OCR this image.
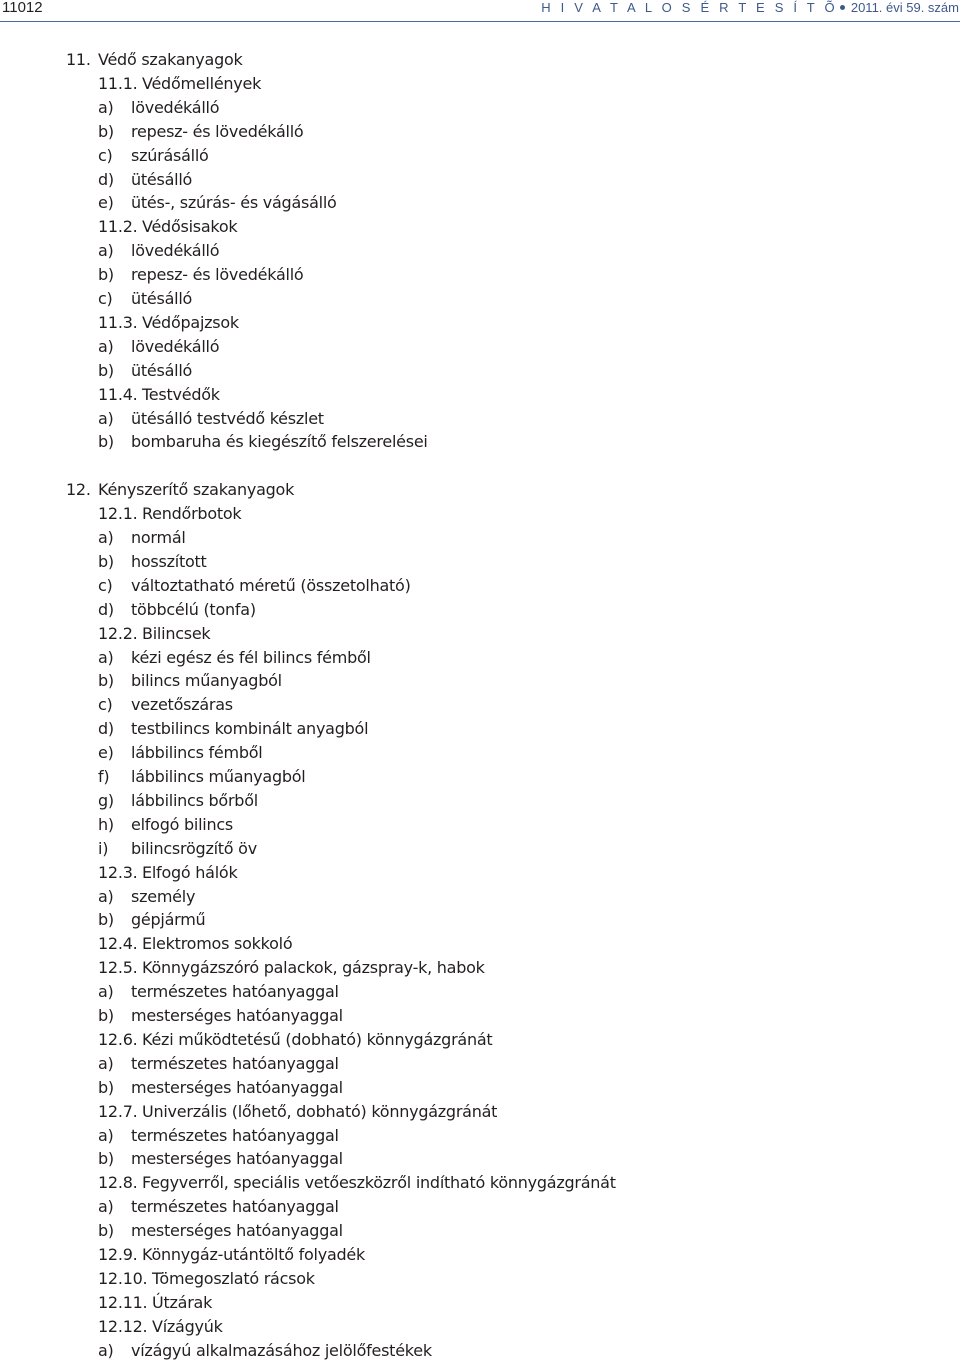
11012	H I V A T A L O S É R T E S Í T Õ 2011. évi 59. szám
11. Védő szakanyagok
11.1. Védőmellények
a) lövedékálló
b) repesz- és lövedékálló
c) szúrásálló
d) ütésálló
e) ütés-, szúrás- és vágásálló
11.2. Védősisakok
a) lövedékálló
b) repesz- és lövedékálló
c) ütésálló
11.3. Védőpajzsok
a) lövedékálló
b) ütésálló
11.4. Testvédők
a) ütésálló testvédő készlet
b) bombaruha és kiegészítő felszerelései
12. Kényszerítő szakanyagok
12.1. Rendőrbotok
a) normál
b) hosszított
c) változtatható méretű (összetolható)
d) többcélú (tonfa)
12.2. Bilincsek
a) kézi egész és fél bilincs fémből
b) bilincs műanyagból
c) vezetőszáras
d) testbilincs kombinált anyagból
e) lábbilincs fémből
f) lábbilincs műanyagból
g) lábbilincs bőrből
h) elfogó bilincs
i) bilincsrögzítő öv
12.3. Elfogó hálók
a) személy
b) gépjármű
12.4. Elektromos sokkoló
12.5. Könnygázszóró palackok, gázspray-k, habok
a) természetes hatóanyaggal
b) mesterséges hatóanyaggal
12.6. Kézi működtetésű (dobható) könnygázgránát
a) természetes hatóanyaggal
b) mesterséges hatóanyaggal
12.7. Univerzális (lőhető, dobható) könnygázgránát
a) természetes hatóanyaggal
b) mesterséges hatóanyaggal
12.8. Fegyverről, speciális vetőeszközről indítható könnygázgránát
a) természetes hatóanyaggal
b) mesterséges hatóanyaggal
12.9. Könnygáz-utántöltő folyadék
12.10. Tömegoszlató rácsok
12.11. Útzárak
12.12. Vízágyúk
a) vízágyú alkalmazásához jelölőfestékek
